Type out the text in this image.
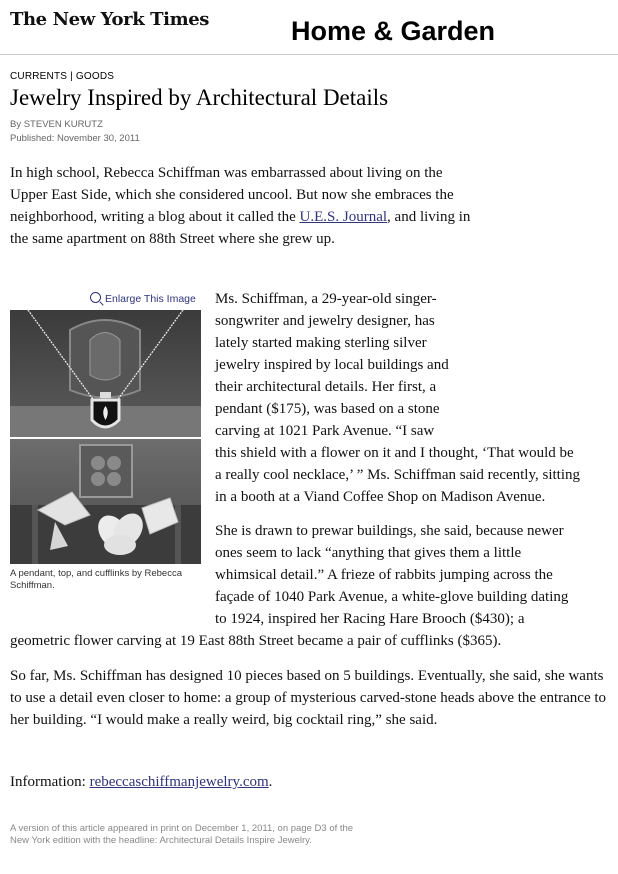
The New York Times	Home & Garden
CURRENTS | GOODS
Jewelry Inspired by Architectural Details
By STEVEN KURUTZ
Published: November 30, 2011

In high school, Rebecca Schiffman was embarrassed about living on the Upper East Side, which she considered uncool. But now she embraces the neighborhood, writing a blog about it called the U.E.S. Journal, and living in the same apartment on 88th Street where she grew up.

Enlarge This Image

A pendant, top, and cufflinks by Rebecca Schiffman.

Ms. Schiffman, a 29-year-old singer-
songwriter and jewelry designer, has
lately started making sterling silver
jewelry inspired by local buildings and
their architectural details. Her first, a
pendant ($175), was based on a stone
carving at 1021 Park Avenue. “I saw
this shield with a flower on it and I thought, ‘That would be
a really cool necklace,’ ” Ms. Schiffman said recently, sitting
in a booth at a Viand Coffee Shop on Madison Avenue.

She is drawn to prewar buildings, she said, because newer
ones seem to lack “anything that gives them a little
whimsical detail.” A frieze of rabbits jumping across the
façade of 1040 Park Avenue, a white-glove building dating
to 1924, inspired her Racing Hare Brooch ($430); a

geometric flower carving at 19 East 88th Street became a pair of cufflinks ($365).

So far, Ms. Schiffman has designed 10 pieces based on 5 buildings. Eventually, she said, she wants to use a detail even closer to home: a group of mysterious carved-stone heads above the entrance to her building. “I would make a really weird, big cocktail ring,” she said.

Information: rebeccaschiffmanjewelry.com.

A version of this article appeared in print on December 1, 2011, on page D3 of the New York edition with the headline: Architectural Details Inspire Jewelry.
